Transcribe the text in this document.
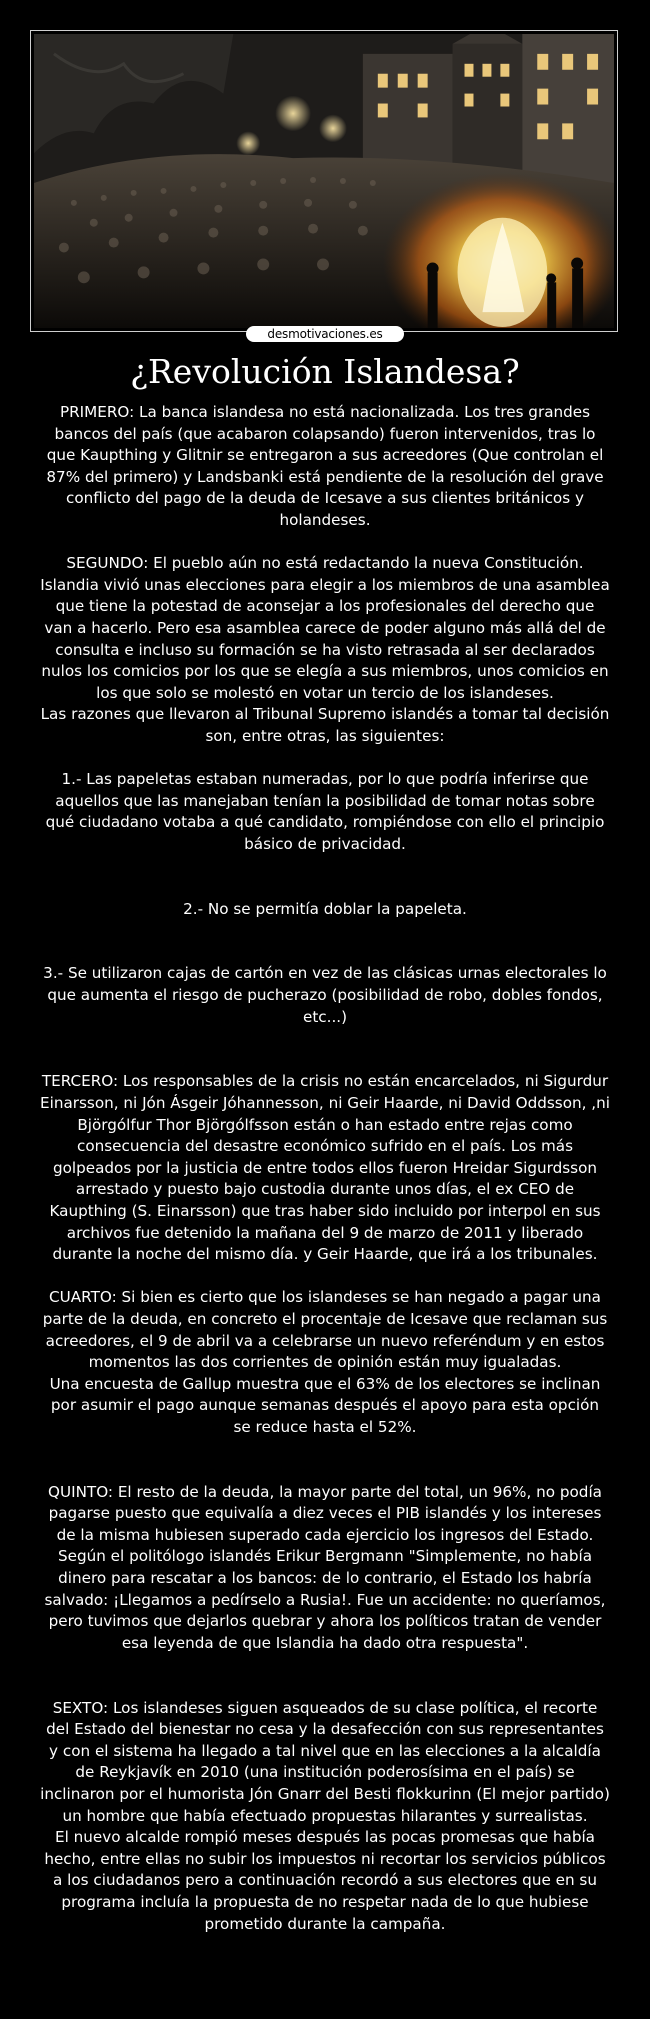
desmotivaciones.es
¿Revolución Islandesa?

PRIMERO: La banca islandesa no está nacionalizada. Los tres grandes bancos del país (que acabaron colapsando) fueron intervenidos, tras lo que Kaupthing y Glitnir se entregaron a sus acreedores (Que controlan el 87% del primero) y Landsbanki está pendiente de la resolución del grave conflicto del pago de la deuda de Icesave a sus clientes británicos y holandeses.

SEGUNDO: El pueblo aún no está redactando la nueva Constitución. Islandia vivió unas elecciones para elegir a los miembros de una asamblea que tiene la potestad de aconsejar a los profesionales del derecho que van a hacerlo. Pero esa asamblea carece de poder alguno más allá del de consulta e incluso su formación se ha visto retrasada al ser declarados nulos los comicios por los que se elegía a sus miembros, unos comicios en los que solo se molestó en votar un tercio de los islandeses.

Las razones que llevaron al Tribunal Supremo islandés a tomar tal decisión son, entre otras, las siguientes:

1.- Las papeletas estaban numeradas, por lo que podría inferirse que aquellos que las manejaban tenían la posibilidad de tomar notas sobre qué ciudadano votaba a qué candidato, rompiéndose con ello el principio básico de privacidad.

2.- No se permitía doblar la papeleta.

3.- Se utilizaron cajas de cartón en vez de las clásicas urnas electorales lo que aumenta el riesgo de pucherazo (posibilidad de robo, dobles fondos, etc...)

TERCERO: Los responsables de la crisis no están encarcelados, ni Sigurdur Einarsson, ni Jón Ásgeir Jóhannesson, ni Geir Haarde, ni David Oddsson, ,ni Björgólfur Thor Björgólfsson están o han estado entre rejas como consecuencia del desastre económico sufrido en el país. Los más golpeados por la justicia de entre todos ellos fueron Hreidar Sigurdsson arrestado y puesto bajo custodia durante unos días, el ex CEO de Kaupthing (S. Einarsson) que tras haber sido incluido por interpol en sus archivos fue detenido la mañana del 9 de marzo de 2011 y liberado durante la noche del mismo día. y Geir Haarde, que irá a los tribunales.

CUARTO: Si bien es cierto que los islandeses se han negado a pagar una parte de la deuda, en concreto el procentaje de Icesave que reclaman sus acreedores, el 9 de abril va a celebrarse un nuevo referéndum y en estos momentos las dos corrientes de opinión están muy igualadas.

Una encuesta de Gallup muestra que el 63% de los electores se inclinan por asumir el pago aunque semanas después el apoyo para esta opción se reduce hasta el 52%.

QUINTO: El resto de la deuda, la mayor parte del total, un 96%, no podía pagarse puesto que equivalía a diez veces el PIB islandés y los intereses de la misma hubiesen superado cada ejercicio los ingresos del Estado. Según el politólogo islandés Erikur Bergmann "Simplemente, no había dinero para rescatar a los bancos: de lo contrario, el Estado los habría salvado: ¡Llegamos a pedírselo a Rusia!. Fue un accidente: no queríamos, pero tuvimos que dejarlos quebrar y ahora los políticos tratan de vender esa leyenda de que Islandia ha dado otra respuesta".

SEXTO: Los islandeses siguen asqueados de su clase política, el recorte del Estado del bienestar no cesa y la desafección con sus representantes y con el sistema ha llegado a tal nivel que en las elecciones a la alcaldía de Reykjavík en 2010 (una institución poderosísima en el país) se inclinaron por el humorista Jón Gnarr del Besti flokkurinn (El mejor partido) un hombre que había efectuado propuestas hilarantes y surrealistas.

El nuevo alcalde rompió meses después las pocas promesas que había hecho, entre ellas no subir los impuestos ni recortar los servicios públicos a los ciudadanos pero a continuación recordó a sus electores que en su programa incluía la propuesta de no respetar nada de lo que hubiese prometido durante la campaña.
